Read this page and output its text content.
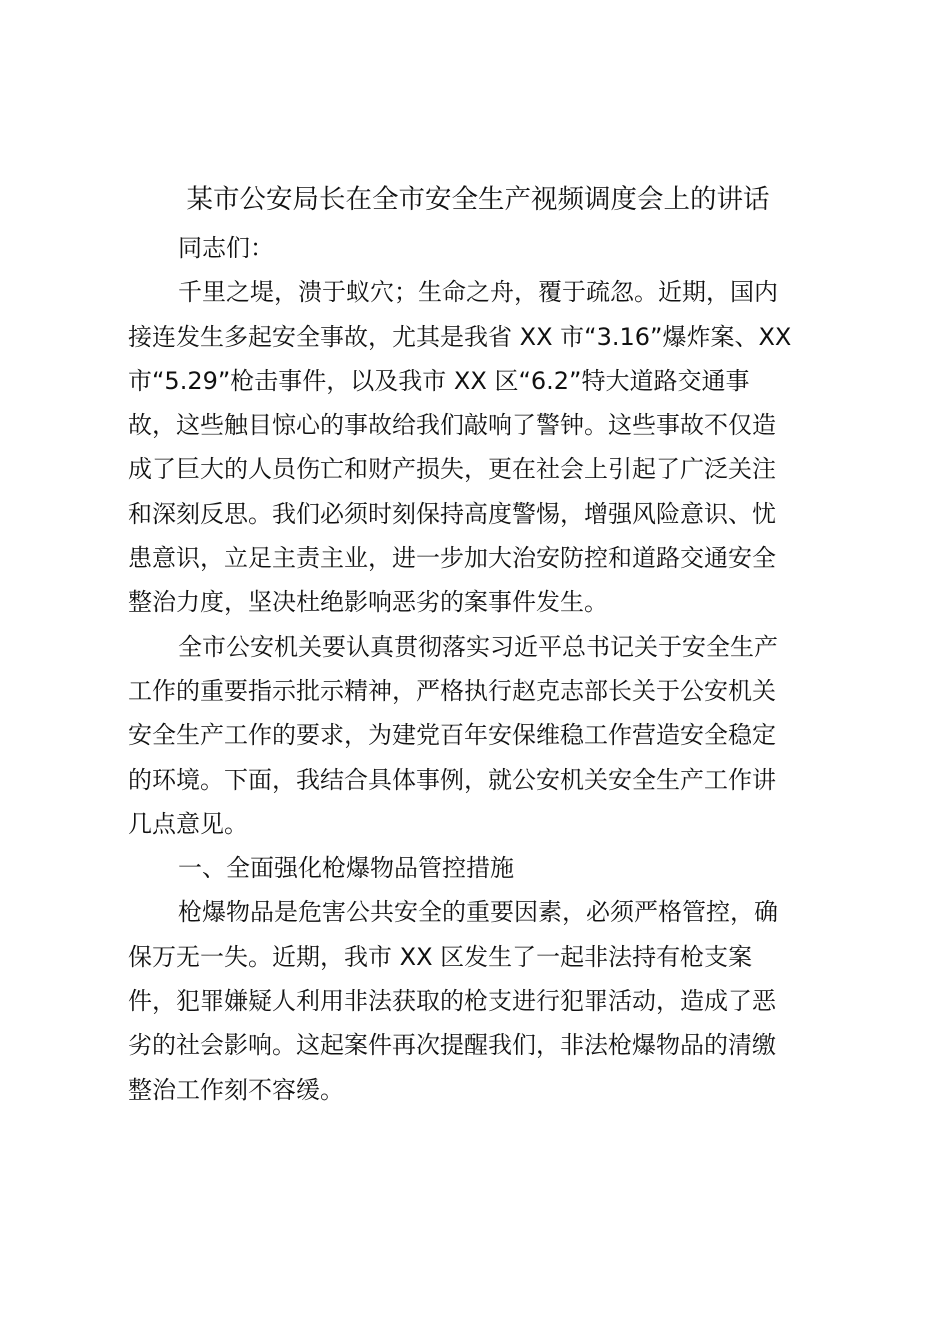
某市公安局长在全市安全生产视频调度会上的讲话
同志们：
千里之堤，溃于蚁穴；生命之舟，覆于疏忽。近期，国内
接连发生多起安全事故，尤其是我省 XX 市“3.16”爆炸案、XX
市“5.29”枪击事件，以及我市 XX 区“6.2”特大道路交通事
故，这些触目惊心的事故给我们敲响了警钟。这些事故不仅造
成了巨大的人员伤亡和财产损失，更在社会上引起了广泛关注
和深刻反思。我们必须时刻保持高度警惕，增强风险意识、忧
患意识，立足主责主业，进一步加大治安防控和道路交通安全
整治力度，坚决杜绝影响恶劣的案事件发生。
全市公安机关要认真贯彻落实习近平总书记关于安全生产
工作的重要指示批示精神，严格执行赵克志部长关于公安机关
安全生产工作的要求，为建党百年安保维稳工作营造安全稳定
的环境。下面，我结合具体事例，就公安机关安全生产工作讲
几点意见。
一、全面强化枪爆物品管控措施
枪爆物品是危害公共安全的重要因素，必须严格管控，确
保万无一失。近期，我市 XX 区发生了一起非法持有枪支案
件，犯罪嫌疑人利用非法获取的枪支进行犯罪活动，造成了恶
劣的社会影响。这起案件再次提醒我们，非法枪爆物品的清缴
整治工作刻不容缓。
